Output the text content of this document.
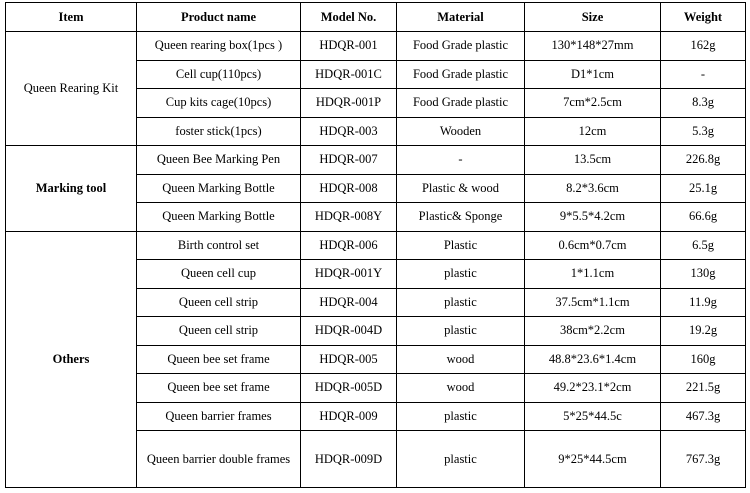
Item	Product name	Model No.	Material	Size	Weight
Queen Rearing Kit	Queen rearing box(1pcs )	HDQR-001	Food Grade plastic	130*148*27mm	162g
	Cell cup(110pcs)	HDQR-001C	Food Grade plastic	D1*1cm	-
	Cup kits cage(10pcs)	HDQR-001P	Food Grade plastic	7cm*2.5cm	8.3g
	foster stick(1pcs)	HDQR-003	Wooden	12cm	5.3g
Marking tool	Queen Bee Marking Pen	HDQR-007	-	13.5cm	226.8g
	Queen Marking Bottle	HDQR-008	Plastic & wood	8.2*3.6cm	25.1g
	Queen Marking Bottle	HDQR-008Y	Plastic& Sponge	9*5.5*4.2cm	66.6g
Others	Birth control set	HDQR-006	Plastic	0.6cm*0.7cm	6.5g
	Queen cell cup	HDQR-001Y	plastic	1*1.1cm	130g
	Queen cell strip	HDQR-004	plastic	37.5cm*1.1cm	11.9g
	Queen cell strip	HDQR-004D	plastic	38cm*2.2cm	19.2g
	Queen bee set frame	HDQR-005	wood	48.8*23.6*1.4cm	160g
	Queen bee set frame	HDQR-005D	wood	49.2*23.1*2cm	221.5g
	Queen barrier frames	HDQR-009	plastic	5*25*44.5c	467.3g
	Queen barrier double frames	HDQR-009D	plastic	9*25*44.5cm	767.3g
